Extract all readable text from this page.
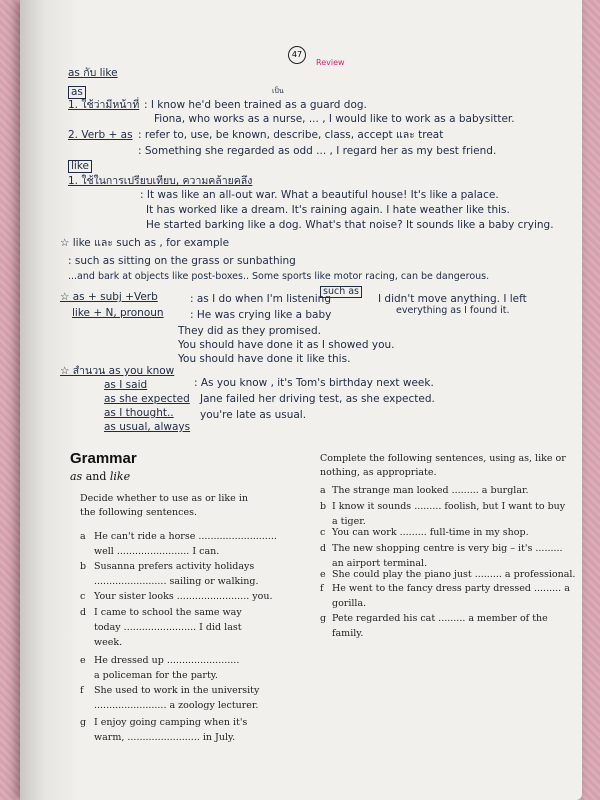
47
Review
as กับ like
as
1. ใช้ว่ามีหน้าที่
เป็น
: I know he'd been trained as a guard dog.
Fiona, who works as a nurse, ... , I would like to work as a babysitter.
2. Verb + as : refer to, use, be known, describe, class, accept และ treat
: Something she regarded as odd ... , I regard her as my best friend.
like
1. ใช้ในการเปรียบเทียบ, ความคล้ายคลึง
: It was like an all-out war. What a beautiful house! It's like a palace.
It has worked like a dream. It's raining again. I hate weather like this.
He started barking like a dog. What's that noise? It sounds like a baby crying.
☆ like และ such as , for example
: such as sitting on the grass or sunbathing
...and bark at objects like post-boxes.. Some sports like motor racing, can be dangerous.
☆ as + subj +Verb
like + N, pronoun
: as I do when I'm listening
such as
I didn't move anything. I left
everything as I found it.
: He was crying like a baby
They did as they promised.
You should have done it as I showed you.
You should have done it like this.
☆ สำนวน as you know
as I said
as she expected
as I thought..
as usual, always
: As you know , it's Tom's birthday next week.
Jane failed her driving test, as she expected.
you're late as usual.
Grammar
as and like
Decide whether to use as or like in
the following sentences.
Complete the following sentences, using as, like or
nothing, as appropriate.
a He can't ride a horse ..........................
well ........................ I can.
b Susanna prefers activity holidays
........................ sailing or walking.
c Your sister looks ........................ you.
d I came to school the same way
today ........................ I did last
week.
e He dressed up ........................
a policeman for the party.
f She used to work in the university
........................ a zoology lecturer.
g I enjoy going camping when it's
warm, ........................ in July.
a The strange man looked ......... a burglar.
b I know it sounds ......... foolish, but I want to buy
a tiger.
c You can work ......... full-time in my shop.
d The new shopping centre is very big – it's .........
an airport terminal.
e She could play the piano just ......... a professional.
f He went to the fancy dress party dressed ......... a
gorilla.
g Pete regarded his cat ......... a member of the
family.
